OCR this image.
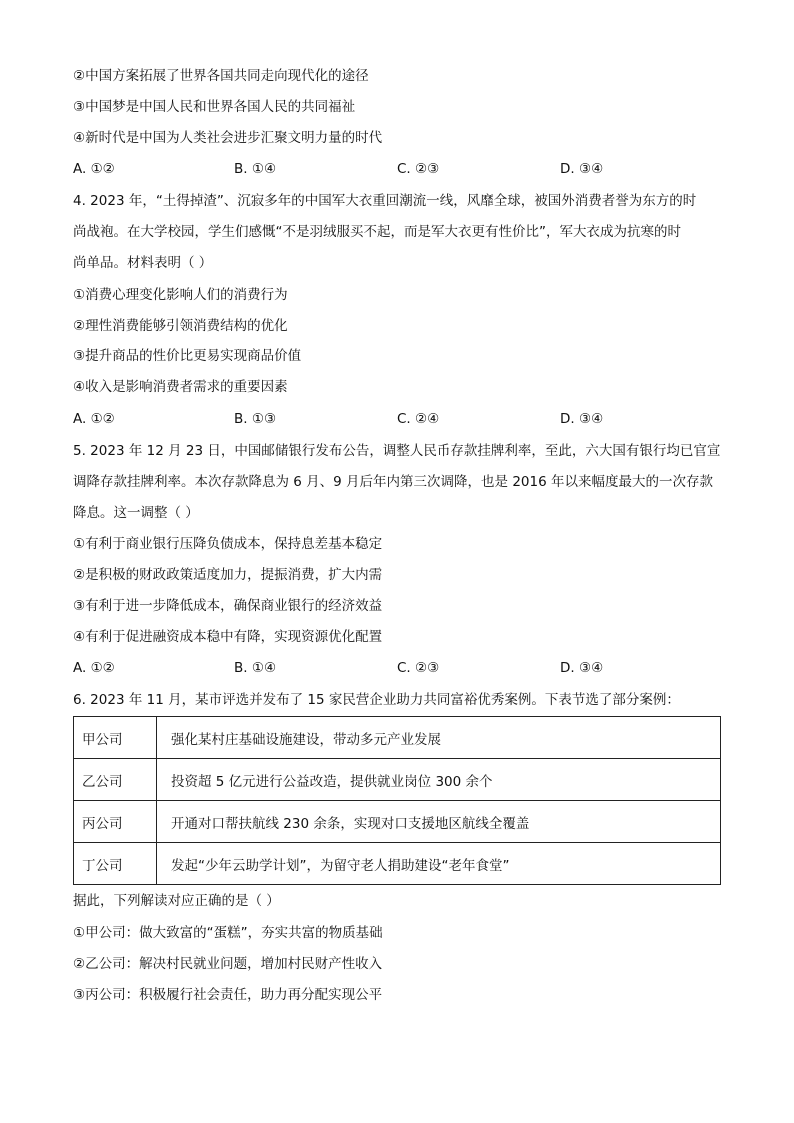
②中国方案拓展了世界各国共同走向现代化的途径
③中国梦是中国人民和世界各国人民的共同福祉
④新时代是中国为人类社会进步汇聚文明力量的时代
A. ①②	B. ①④	C. ②③	D. ③④
4. 2023 年，“土得掉渣”、沉寂多年的中国军大衣重回潮流一线，风靡全球，被国外消费者誉为东方的时
尚战袍。在大学校园，学生们感慨“不是羽绒服买不起，而是军大衣更有性价比”，军大衣成为抗寒的时
尚单品。材料表明（ ）
①消费心理变化影响人们的消费行为
②理性消费能够引领消费结构的优化
③提升商品的性价比更易实现商品价值
④收入是影响消费者需求的重要因素
A. ①②	B. ①③	C. ②④	D. ③④
5. 2023 年 12 月 23 日，中国邮储银行发布公告，调整人民币存款挂牌利率，至此，六大国有银行均已官宣
调降存款挂牌利率。本次存款降息为 6 月、9 月后年内第三次调降，也是 2016 年以来幅度最大的一次存款
降息。这一调整（ ）
①有利于商业银行压降负债成本，保持息差基本稳定
②是积极的财政政策适度加力，提振消费，扩大内需
③有利于进一步降低成本，确保商业银行的经济效益
④有利于促进融资成本稳中有降，实现资源优化配置
A. ①②	B. ①④	C. ②③	D. ③④
6. 2023 年 11 月，某市评选并发布了 15 家民营企业助力共同富裕优秀案例。下表节选了部分案例：
甲公司	强化某村庄基础设施建设，带动多元产业发展
乙公司	投资超 5 亿元进行公益改造，提供就业岗位 300 余个
丙公司	开通对口帮扶航线 230 余条，实现对口支援地区航线全覆盖
丁公司	发起“少年云助学计划”，为留守老人捐助建设“老年食堂”
据此，下列解读对应正确的是（ ）
①甲公司：做大致富的“蛋糕”，夯实共富的物质基础
②乙公司：解决村民就业问题，增加村民财产性收入
③丙公司：积极履行社会责任，助力再分配实现公平
